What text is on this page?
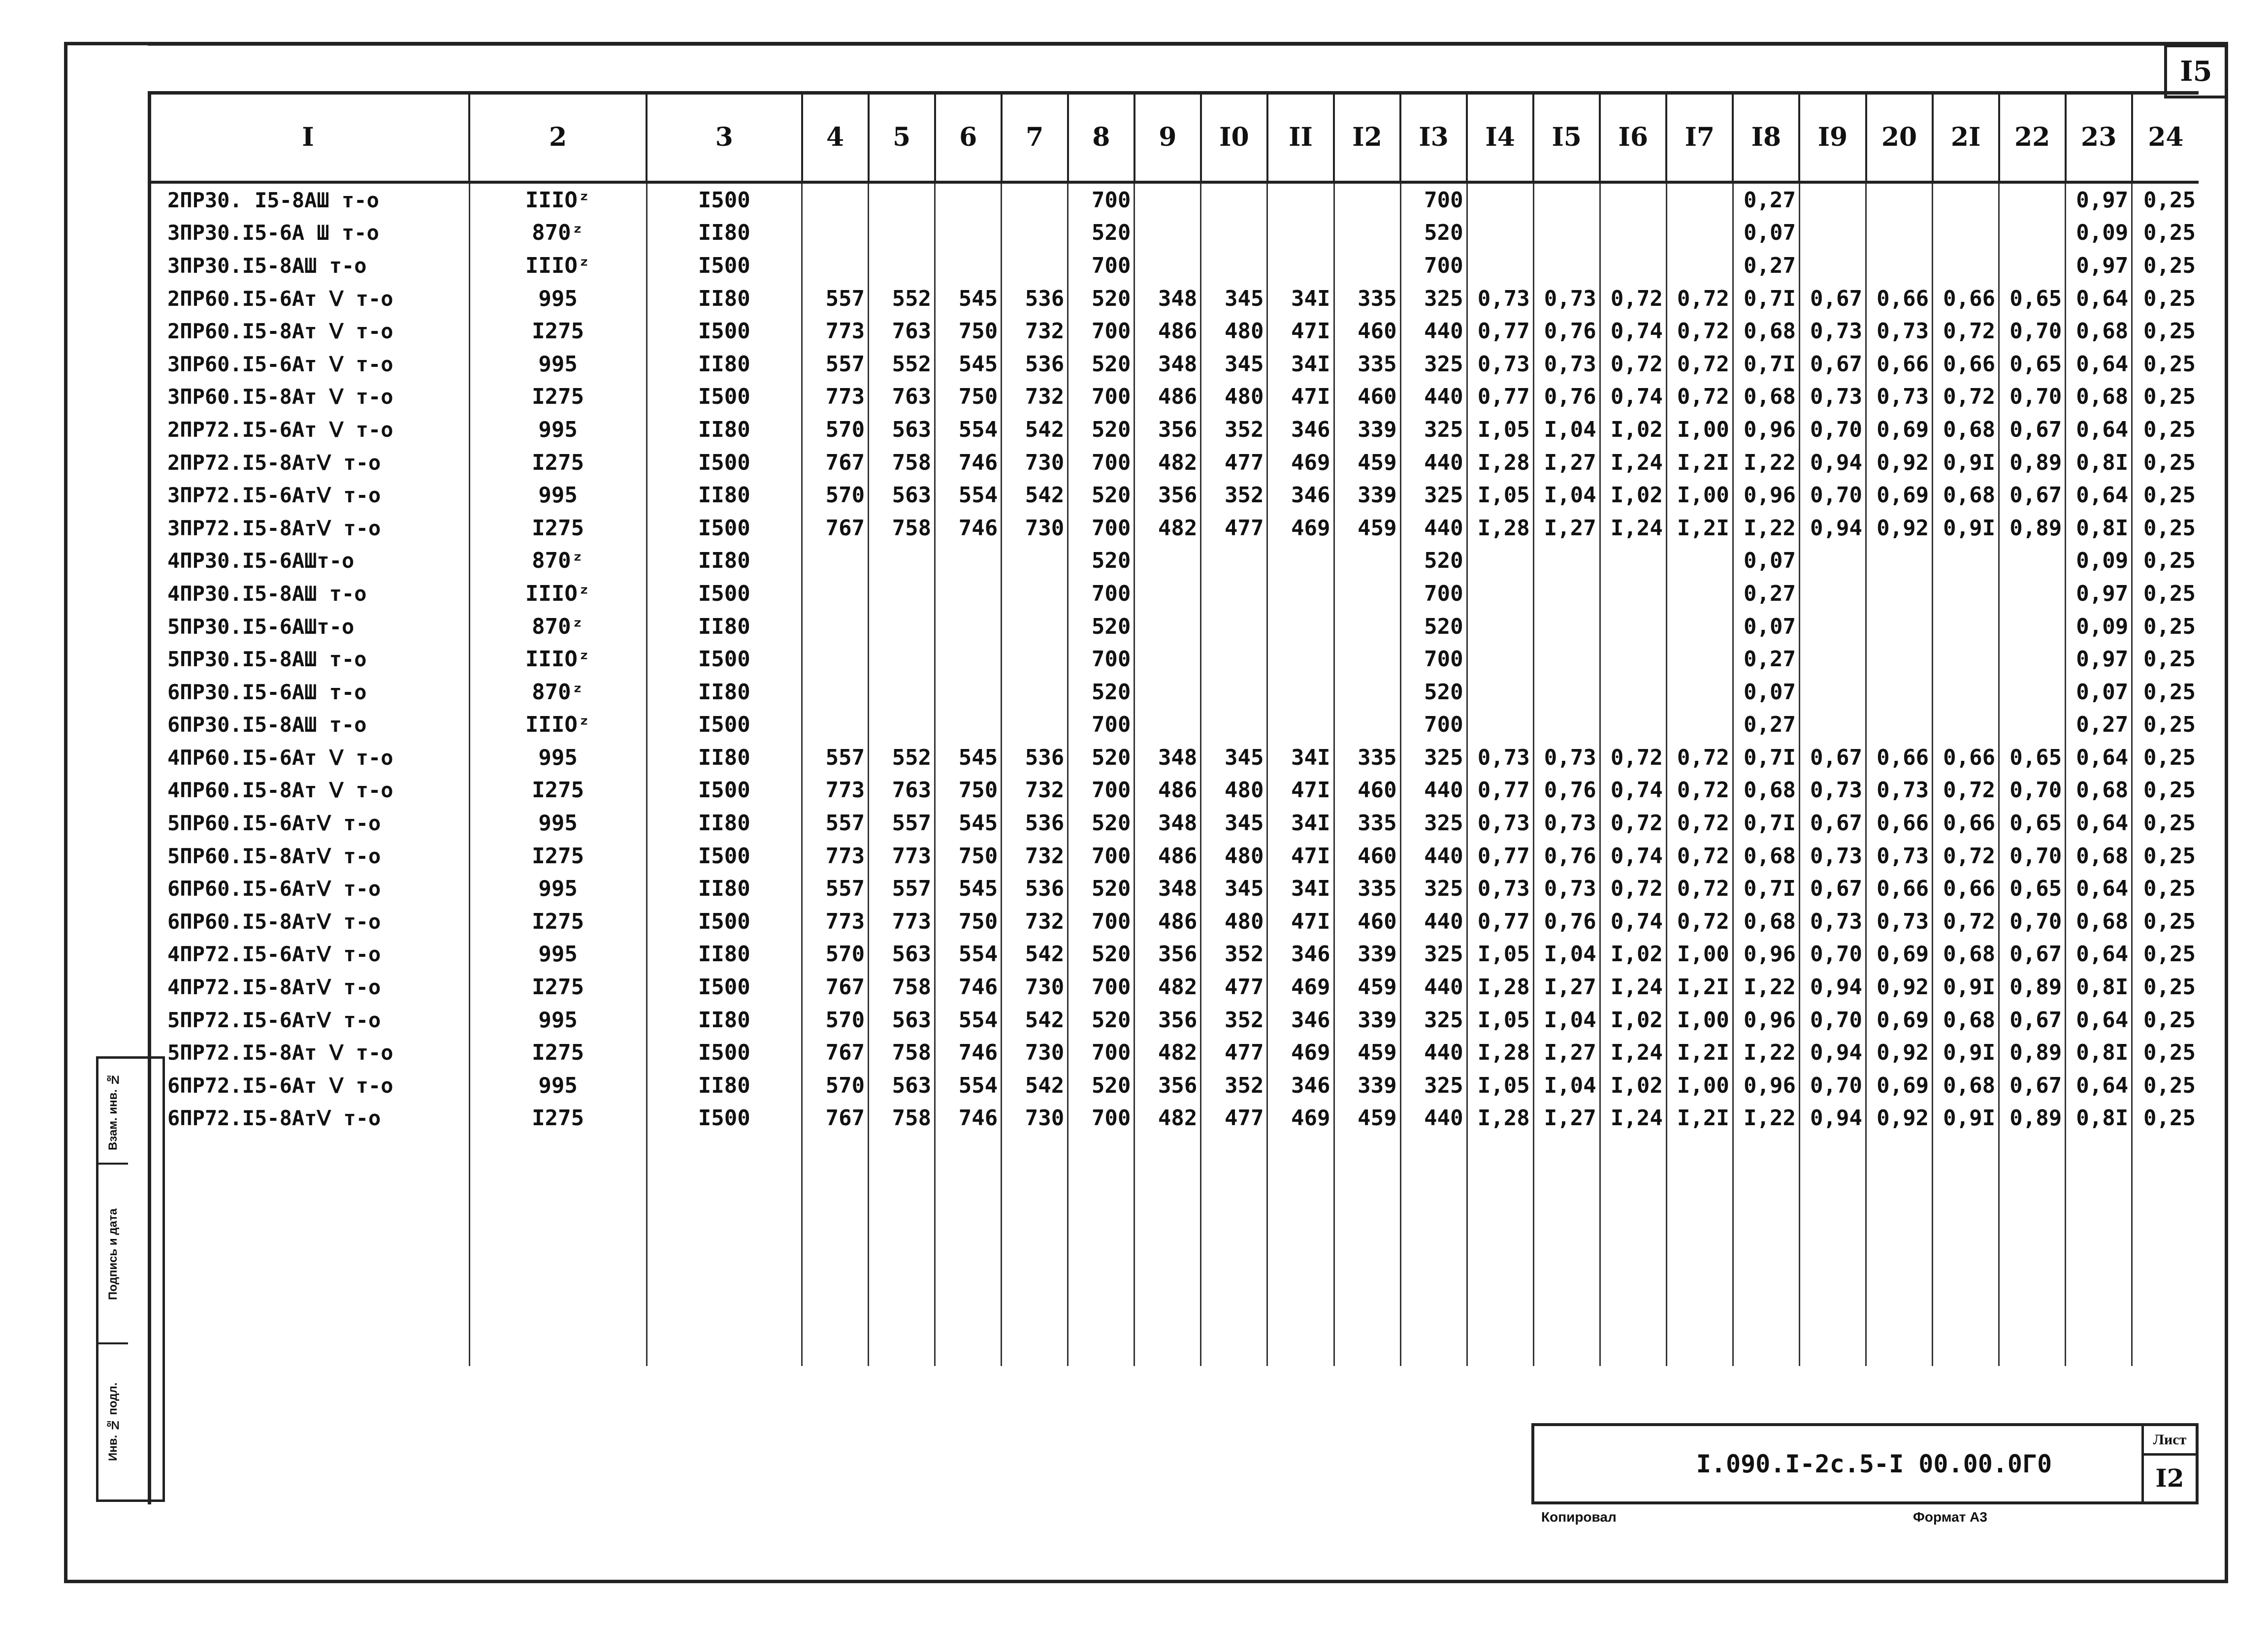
I5
I	2	3	4	5	6	7	8	9	I0	II	I2	I3	I4	I5	I6	I7	I8	I9	20	2I	22	23	24
2ПР30. I5-8АШ т-о	IIIОᶻ	I500					700					700					0,27					0,97	0,25
3ПР30.I5-6А Ш т-о	870ᶻ	II80					520					520					0,07					0,09	0,25
3ПР30.I5-8АШ т-о	IIIОᶻ	I500					700					700					0,27					0,97	0,25
2ПР60.I5-6Ат Ⅴ т-о	995	II80	557	552	545	536	520	348	345	34I	335	325	0,73	0,73	0,72	0,72	0,7I	0,67	0,66	0,66	0,65	0,64	0,25
2ПР60.I5-8Ат Ⅴ т-о	I275	I500	773	763	750	732	700	486	480	47I	460	440	0,77	0,76	0,74	0,72	0,68	0,73	0,73	0,72	0,70	0,68	0,25
3ПР60.I5-6Ат Ⅴ т-о	995	II80	557	552	545	536	520	348	345	34I	335	325	0,73	0,73	0,72	0,72	0,7I	0,67	0,66	0,66	0,65	0,64	0,25
3ПР60.I5-8Ат Ⅴ т-о	I275	I500	773	763	750	732	700	486	480	47I	460	440	0,77	0,76	0,74	0,72	0,68	0,73	0,73	0,72	0,70	0,68	0,25
2ПР72.I5-6Ат Ⅴ т-о	995	II80	570	563	554	542	520	356	352	346	339	325	I,05	I,04	I,02	I,00	0,96	0,70	0,69	0,68	0,67	0,64	0,25
2ПР72.I5-8АтⅤ т-о	I275	I500	767	758	746	730	700	482	477	469	459	440	I,28	I,27	I,24	I,2I	I,22	0,94	0,92	0,9I	0,89	0,8I	0,25
3ПР72.I5-6АтⅤ т-о	995	II80	570	563	554	542	520	356	352	346	339	325	I,05	I,04	I,02	I,00	0,96	0,70	0,69	0,68	0,67	0,64	0,25
3ПР72.I5-8АтⅤ т-о	I275	I500	767	758	746	730	700	482	477	469	459	440	I,28	I,27	I,24	I,2I	I,22	0,94	0,92	0,9I	0,89	0,8I	0,25
4ПР30.I5-6АШт-о	870ᶻ	II80					520					520					0,07					0,09	0,25
4ПР30.I5-8АШ т-о	IIIОᶻ	I500					700					700					0,27					0,97	0,25
5ПР30.I5-6АШт-о	870ᶻ	II80					520					520					0,07					0,09	0,25
5ПР30.I5-8АШ т-о	IIIОᶻ	I500					700					700					0,27					0,97	0,25
6ПР30.I5-6АШ т-о	870ᶻ	II80					520					520					0,07					0,07	0,25
6ПР30.I5-8АШ т-о	IIIОᶻ	I500					700					700					0,27					0,27	0,25
4ПР60.I5-6Ат Ⅴ т-о	995	II80	557	552	545	536	520	348	345	34I	335	325	0,73	0,73	0,72	0,72	0,7I	0,67	0,66	0,66	0,65	0,64	0,25
4ПР60.I5-8Ат Ⅴ т-о	I275	I500	773	763	750	732	700	486	480	47I	460	440	0,77	0,76	0,74	0,72	0,68	0,73	0,73	0,72	0,70	0,68	0,25
5ПР60.I5-6АтⅤ т-о	995	II80	557	557	545	536	520	348	345	34I	335	325	0,73	0,73	0,72	0,72	0,7I	0,67	0,66	0,66	0,65	0,64	0,25
5ПР60.I5-8АтⅤ т-о	I275	I500	773	773	750	732	700	486	480	47I	460	440	0,77	0,76	0,74	0,72	0,68	0,73	0,73	0,72	0,70	0,68	0,25
6ПР60.I5-6АтⅤ т-о	995	II80	557	557	545	536	520	348	345	34I	335	325	0,73	0,73	0,72	0,72	0,7I	0,67	0,66	0,66	0,65	0,64	0,25
6ПР60.I5-8АтⅤ т-о	I275	I500	773	773	750	732	700	486	480	47I	460	440	0,77	0,76	0,74	0,72	0,68	0,73	0,73	0,72	0,70	0,68	0,25
4ПР72.I5-6АтⅤ т-о	995	II80	570	563	554	542	520	356	352	346	339	325	I,05	I,04	I,02	I,00	0,96	0,70	0,69	0,68	0,67	0,64	0,25
4ПР72.I5-8АтⅤ т-о	I275	I500	767	758	746	730	700	482	477	469	459	440	I,28	I,27	I,24	I,2I	I,22	0,94	0,92	0,9I	0,89	0,8I	0,25
5ПР72.I5-6АтⅤ т-о	995	II80	570	563	554	542	520	356	352	346	339	325	I,05	I,04	I,02	I,00	0,96	0,70	0,69	0,68	0,67	0,64	0,25
5ПР72.I5-8Ат Ⅴ т-о	I275	I500	767	758	746	730	700	482	477	469	459	440	I,28	I,27	I,24	I,2I	I,22	0,94	0,92	0,9I	0,89	0,8I	0,25
6ПР72.I5-6Ат Ⅴ т-о	995	II80	570	563	554	542	520	356	352	346	339	325	I,05	I,04	I,02	I,00	0,96	0,70	0,69	0,68	0,67	0,64	0,25
6ПР72.I5-8АтⅤ т-о	I275	I500	767	758	746	730	700	482	477	469	459	440	I,28	I,27	I,24	I,2I	I,22	0,94	0,92	0,9I	0,89	0,8I	0,25

Взам. инв. №
Подпись и дата
Инв. № подл.
I.090.I-2с.5-I 00.00.0Г0
Лист
I2
Копировал	Формат А3
